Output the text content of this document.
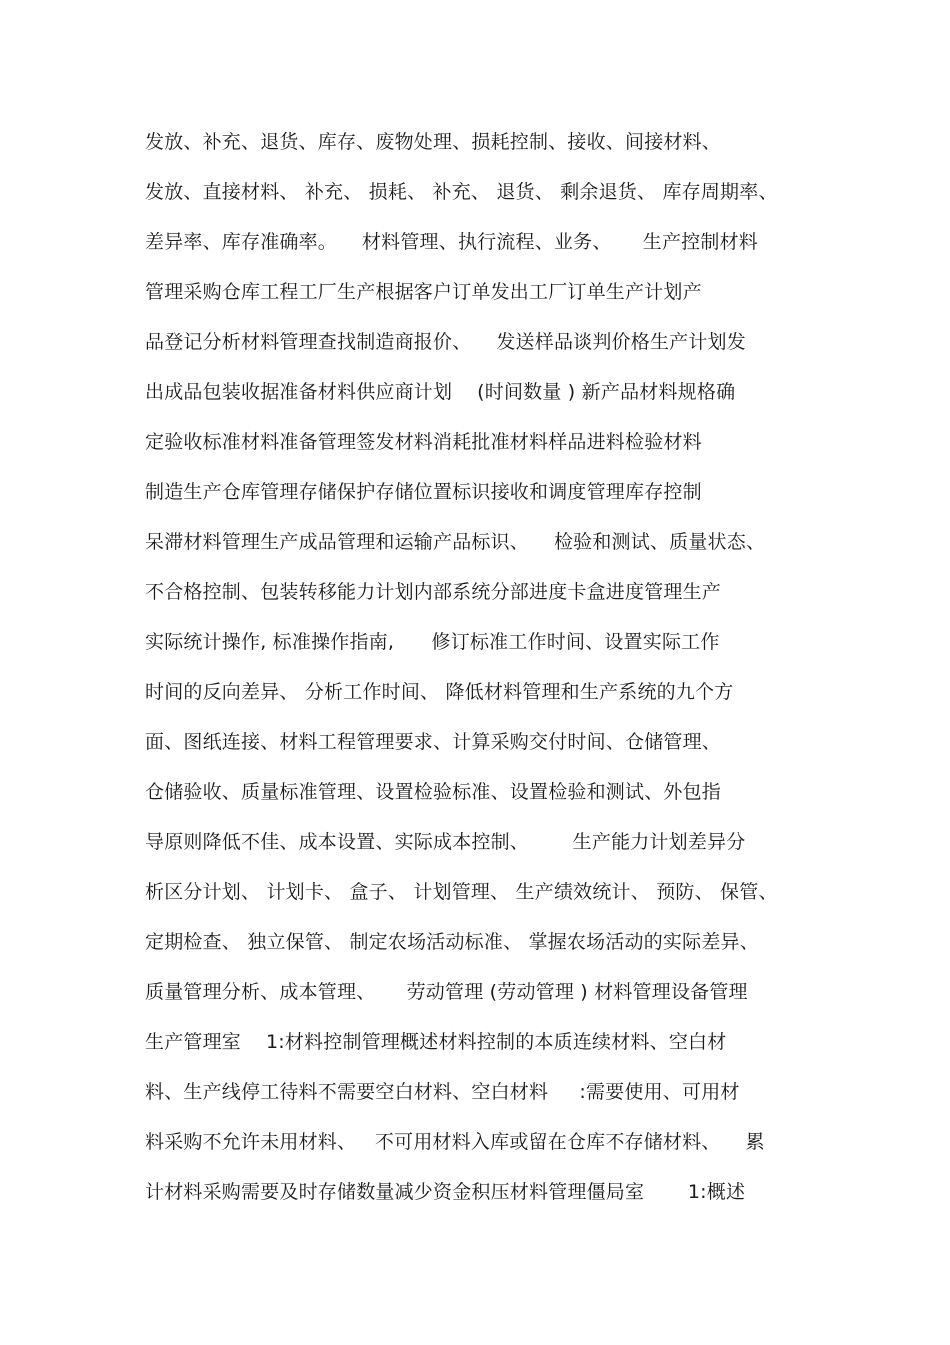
发放、补充、退货、库存、废物处理、损耗控制、接收、间接材料、
发放、直接材料、 补充、 损耗、 补充、 退货、 剩余退货、 库存周期率、
差异率、库存准确率。    材料管理、执行流程、业务、     生产控制材料
管理采购仓库工程工厂生产根据客户订单发出工厂订单生产计划产
品登记分析材料管理查找制造商报价、    发送样品谈判价格生产计划发
出成品包装收据准备材料供应商计划    (时间数量 ) 新产品材料规格确
定验收标准材料准备管理签发材料消耗批准材料样品进料检验材料
制造生产仓库管理存储保护存储位置标识接收和调度管理库存控制
呆滞材料管理生产成品管理和运输产品标识、    检验和测试、质量状态、
不合格控制、包装转移能力计划内部系统分部进度卡盒进度管理生产
实际统计操作, 标准操作指南,      修订标准工作时间、设置实际工作
时间的反向差异、 分析工作时间、 降低材料管理和生产系统的九个方
面、图纸连接、材料工程管理要求、计算采购交付时间、仓储管理、
仓储验收、质量标准管理、设置检验标准、设置检验和测试、外包指
导原则降低不佳、成本设置、实际成本控制、       生产能力计划差异分
析区分计划、 计划卡、 盒子、 计划管理、 生产绩效统计、 预防、 保管、
定期检查、 独立保管、 制定农场活动标准、 掌握农场活动的实际差异、
质量管理分析、成本管理、     劳动管理 (劳动管理 ) 材料管理设备管理
生产管理室    1:材料控制管理概述材料控制的本质连续材料、空白材
料、生产线停工待料不需要空白材料、空白材料     :需要使用、可用材
料采购不允许未用材料、   不可用材料入库或留在仓库不存储材料、    累
计材料采购需要及时存储数量减少资金积压材料管理僵局室       1:概述
